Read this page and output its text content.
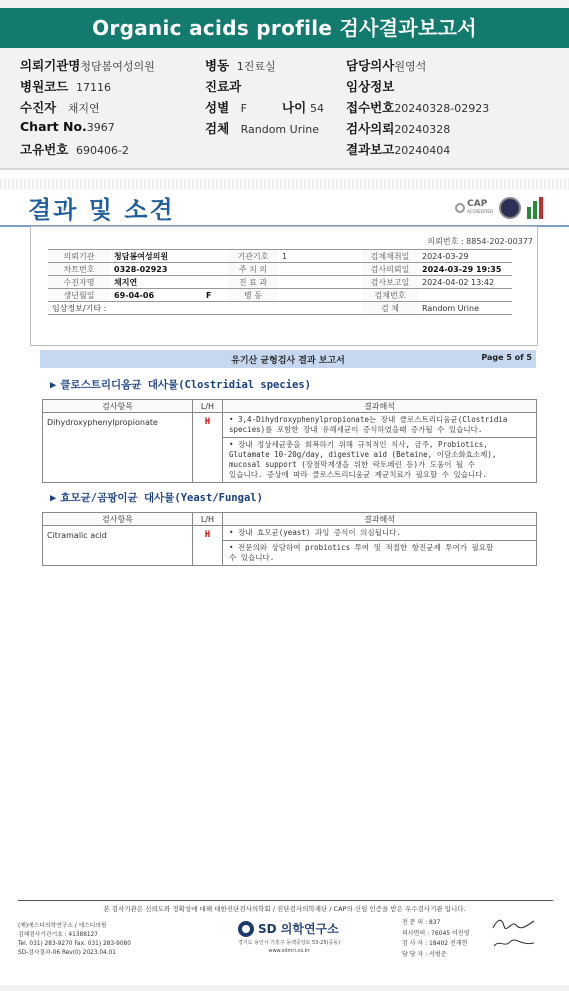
Organic acids profile 검사결과보고서
의뢰기관명청담봄여성의원	병동 1진료실	담당의사원영석
병원코드 17116	진료과	임상정보
수진자 채지연	성별 F	나이 54 접수번호20240328-02923
Chart No.3967	검체 Random Urine 검사의뢰20240328
고유번호 690406-2	결과보고20240404
결과 및 소견	CAP
ACCREDITED
의뢰번호 : 8854-202-00377
의뢰기관	청담봄여성의원	기관기호	1	검체채취일	2024-03-29
차트번호	0328-02923	주 치 의		검사의뢰일	2024-03-29 19:35
수진자명	채지연	진 료 과		검사보고일	2024-04-02 13:42
생년월일	69-04-06 F	병 동		검체번호	
임상정보/기타 :				검 체	Random Urine
유기산 균형검사 결과 보고서	Page 5 of 5
▶ 클로스트리디움균 대사물(Clostridial species)
검사항목	L/H	결과해석
Dihydroxyphenylpropionate	H	• 3,4-Dihydroxyphenylpropionate는 장내 클로스트리디움균(Clostridia
species)를 포함한 장내 유해세균이 증식하였을때 증가될 수 있습니다.

		• 장내 정상세균총을 회복하기 위해 규칙적인 식사, 금주, Probiotics,
Glutamate 10-20g/day, digestive aid (Betaine, 이담소화효소제),
mucosal support (장점막재생을 위한 락토페린 등)가 도움이 될 수
있습니다. 증상에 따라 클로스트리디움균 제균치료가 필요할 수 있습니다.
▶ 효모균/곰팡이균 대사물(Yeast/Fungal)
검사항목	L/H	결과해석
Citramalic acid	H	• 장내 효모균(yeast) 과잉 증식이 의심됩니다.

		• 전문의와 상담하여 probiotics 투여 및 적절한 항진균제 투여가 필요할
수 있습니다.
본 검사기관은 신뢰도와 정확성에 대해 대한진단검사의학회 / 진단검사의학재단 / CAP의 신임 인증을 받은 우수검사기관 입니다.
(재)에스디의학연구소 / 에스디의원
검체검사기관기호 : 41388127
Tel. 031) 283-9270 Fax. 031) 283-9080
SD-검사결과-06 Rev(0) 2023.04.01
SD 의학연구소
경기도 용인시 기흥구 동백중앙로 53-25(중동)
www.sdmri.co.kr
전 문 의 : 837
의사면허 : 76045 이진영
검 사 자 : 18402 전재현
담 당 자 : 서범준
